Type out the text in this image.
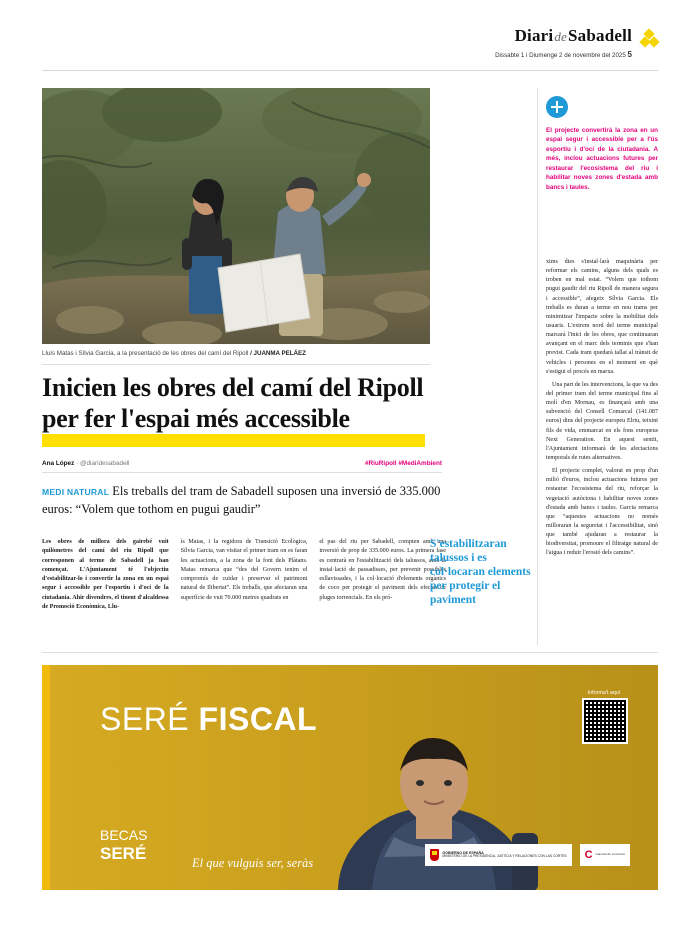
DiarideSabadell
Dissabte 1 i Diumenge 2 de novembre del 2025 5
Lluís Matas i Sílvia Garcia, a la presentació de les obres del camí del Ripoll / JUANMA PELÁEZ
Inicien les obres del camí del Ripoll per fer l'espai més accessible
Ana López · @diaridesabadell	#RiuRipoll #MediAmbient
MEDI NATURAL Els treballs del tram de Sabadell suposen una inversió de 335.000 euros: “Volem que tothom en pugui gaudir”

Les obres de millora dels gairebé vuit quilòmetres del camí del riu Ripoll que corresponen al terme de Sabadell ja han començat. L'Ajuntament té l'objectiu d'estabilitzar-lo i convertir la zona en un espai segur i accessible per l'esportiu i d'oci de la ciutadania. Ahir divendres, el tinent d'alcaldessa de Promoció Econòmica, Llu-

ís Matas, i la regidora de Transició Ecològica, Sílvia Garcia, van visitar el primer tram on es faran les actuacions, a la zona de la font dels Plàtans. Matas remarca que “des del Govern tenim el compromís de cuidar i preservar el patrimoni natural de Ilibertat”. Els treballs, que afectaran una superfície de vuit 70.000 metres quadrats en

el pas del riu per Sabadell, compten amb una inversió de prop de 335.000 euros. La primera fase es centrarà en l'estabilització dels talussos, amb la instal·lació de passadisses, per prevenir possibles esllavissades, i la col·locació d'elements orgànics de coco per protegir el paviment dels efectes de pluges torrencials. En els pró-

S'estabilitzaran talussos i es col·locaran elements per protegir el paviment
El projecte convertirà la zona en un espai segur i accessible per a l'ús esportiu i d'oci de la ciutadania. A més, inclou actuacions futures per restaurar l'ecosistema del riu i habilitar noves zones d'estada amb bancs i taules.

xims dies s'instal·larà maquinària per reformar els camins, alguns dels quals es troben en mal estat. “Volem que tothom pugui gaudir del riu Ripoll de manera segura i accessible”, afegeix Sílvia Garcia. Els treballs es duran a terme en nou trams per minimitzar l'impacte sobre la mobilitat dels usuaris. L'extrem nord del terme municipal marcarà l'inici de les obres, que continuaran avançant en el marc dels terminis que s'han previst. Cada tram quedarà tallat al trànsit de vehicles i persones en el moment en què s'estigui el procés en marxa.

Una part de les intervencions, la que va des del primer tram del terme municipal fins al molí d'en Mornau, es finançarà amb una subvenció del Consell Comarcal (141.087 euros) dins del projecte europeu Elriu, teixint fils de vida, emmarcat en els fons europeus Next Generation. En aquest sentit, l'Ajuntament informarà de les afectacions temporals de rutes alternatives.

El projecte complet, valorat en prop d'un milió d'euros, inclou actuacions futures per restaurar l'ecosistema del riu, reforçar la vegetació autòctona i habilitar noves zones d'estada amb bancs i taules. Garcia remarca que “aquestes actuacions no només milloraran la seguretat i l'accessibilitat, sinó que també ajudaran a restaurar la biodiversitat, promoure el filtratge natural de l'aigua i reduir l'erosió dels camins”.

SERÉ FISCAL
BECAS
SERÉ
El que vulguis ser, seràs
Informa't aquí
GOBIERNO DE ESPAÑA
MINISTERIO DE LA PRESIDENCIA, JUSTICIA Y RELACIONES CON LAS CORTES C Cámara de Comercio
